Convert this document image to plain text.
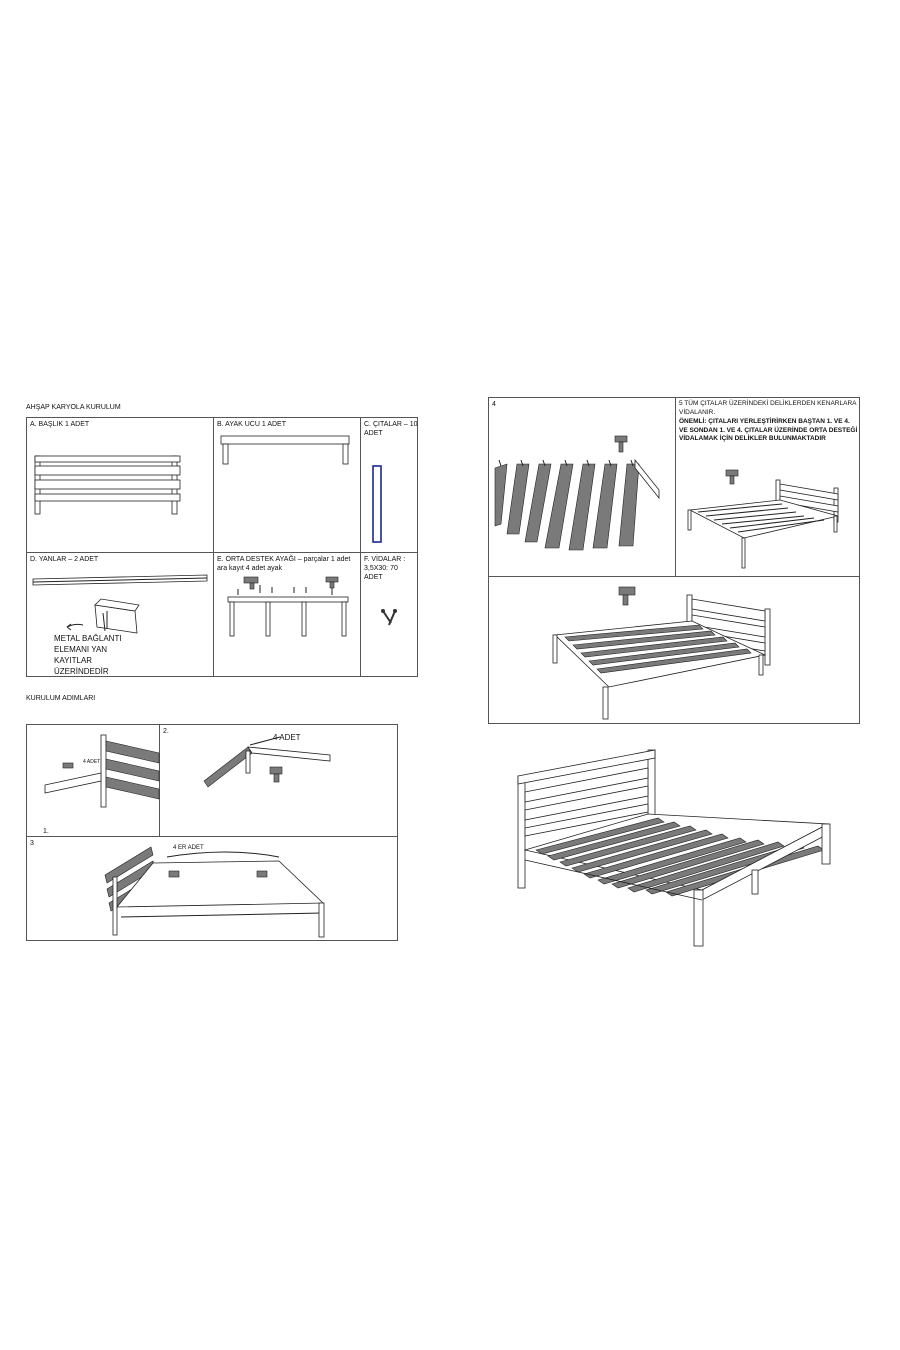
AHŞAP KARYOLA KURULUM
A. BAŞLIK 1 ADET	B. AYAK UCU 1 ADET	C. ÇITALAR – 10
ADET
D. YANLAR – 2 ADET
METAL BAĞLANTI
ELEMANI YAN
KAYITLAR
ÜZERİNDEDİR
E. ORTA DESTEK AYAĞI – parçalar 1 adet
ara kayıt 4 adet ayak
F. VİDALAR :
3,5X30: 70
ADET
KURULUM ADIMLARI
4 ADET
1.
2.
4 ADET
3
4 ER ADET
4	5 TÜM ÇITALAR ÜZERİNDEKİ DELİKLERDEN KENARLARA
VİDALANIR.
ÖNEMLİ: ÇITALARI YERLEŞTİRİRKEN BAŞTAN 1. VE 4.
VE SONDAN 1. VE 4. ÇITALAR ÜZERİNDE ORTA DESTEĞİ
VİDALAMAK İÇİN DELİKLER BULUNMAKTADIR
